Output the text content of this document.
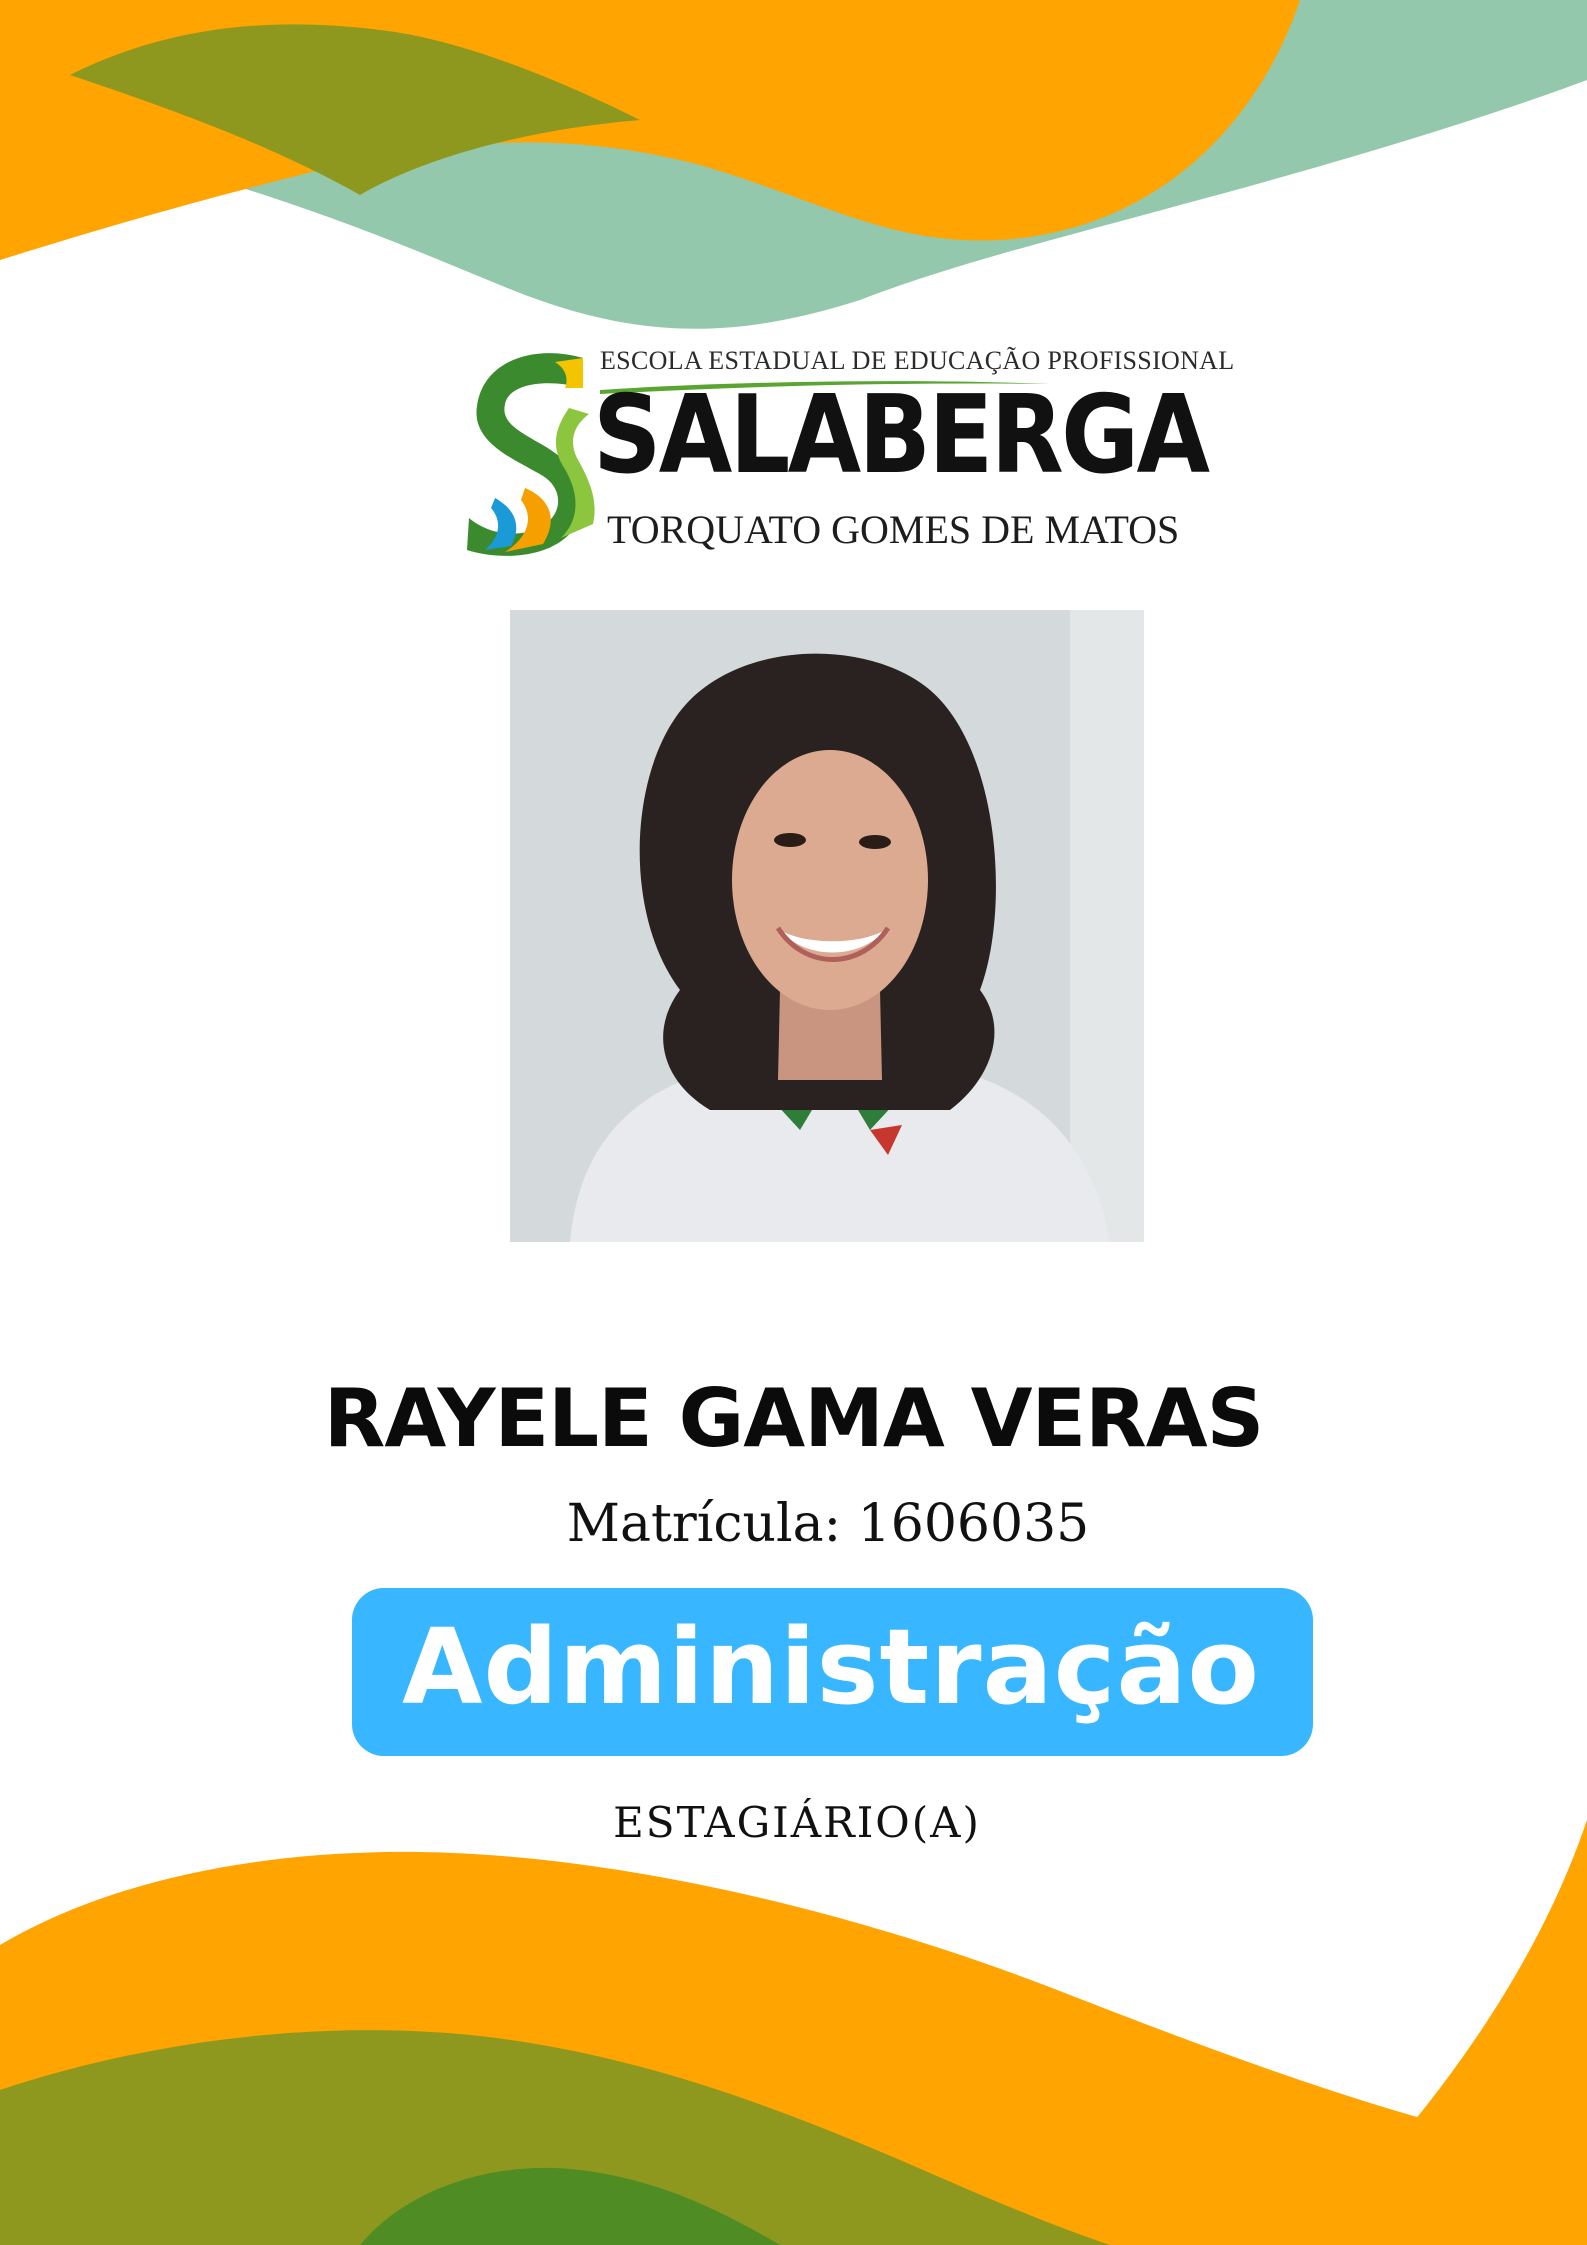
ESCOLA ESTADUAL DE EDUCAÇÃO PROFISSIONAL
SALABERGA
TORQUATO GOMES DE MATOS
RAYELE GAMA VERAS
Matrícula: 1606035
Administração
ESTAGIÁRIO(A)
